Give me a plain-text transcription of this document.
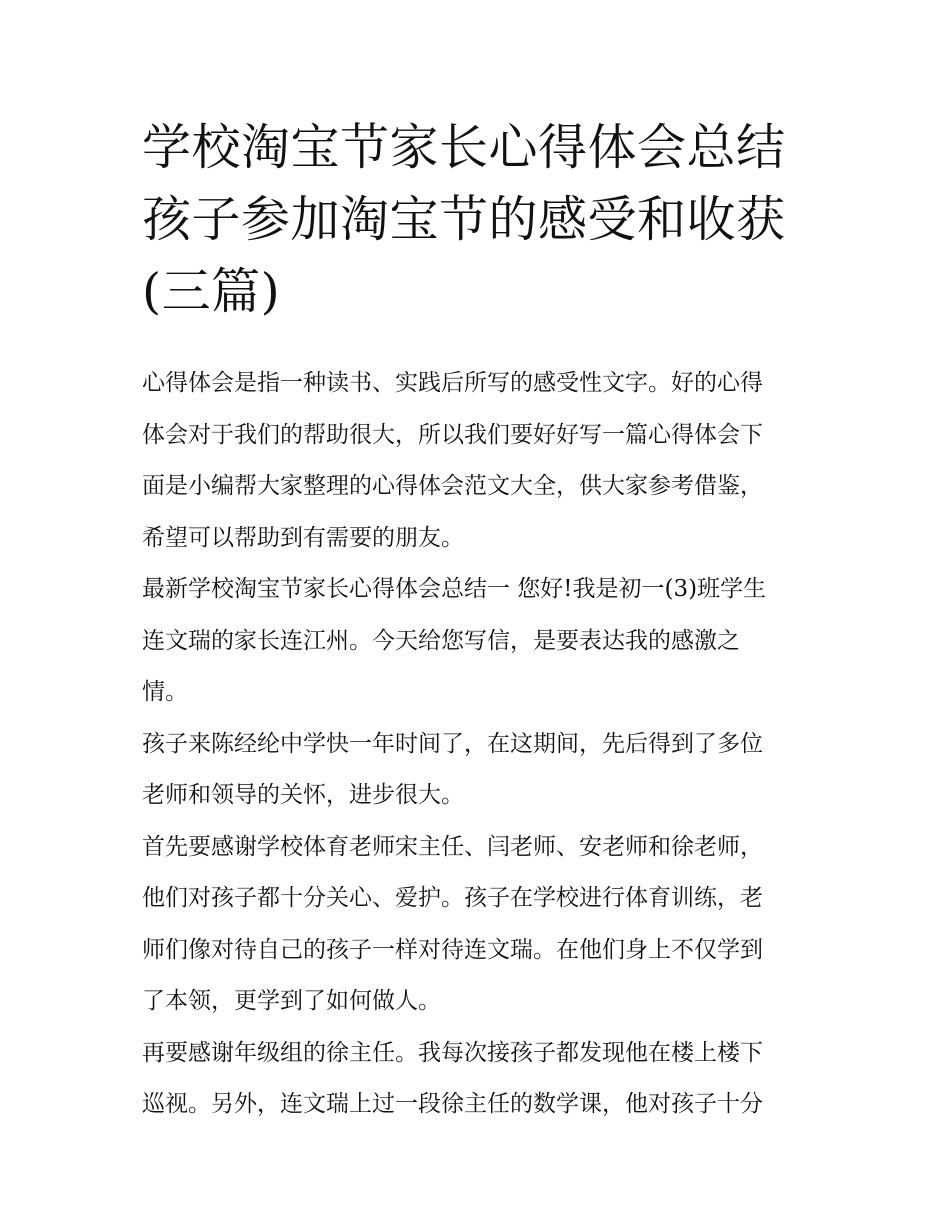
学校淘宝节家长心得体会总结
孩子参加淘宝节的感受和收获
(三篇)

心得体会是指一种读书、实践后所写的感受性文字。好的心得
体会对于我们的帮助很大，所以我们要好好写一篇心得体会下
面是小编帮大家整理的心得体会范文大全，供大家参考借鉴，
希望可以帮助到有需要的朋友。

最新学校淘宝节家长心得体会总结一 您好!我是初一(3)班学生
连文瑞的家长连江州。今天给您写信，是要表达我的感激之
情。

孩子来陈经纶中学快一年时间了，在这期间，先后得到了多位
老师和领导的关怀，进步很大。

首先要感谢学校体育老师宋主任、闫老师、安老师和徐老师，
他们对孩子都十分关心、爱护。孩子在学校进行体育训练，老
师们像对待自己的孩子一样对待连文瑞。在他们身上不仅学到
了本领，更学到了如何做人。

再要感谢年级组的徐主任。我每次接孩子都发现他在楼上楼下
巡视。另外，连文瑞上过一段徐主任的数学课，他对孩子十分
